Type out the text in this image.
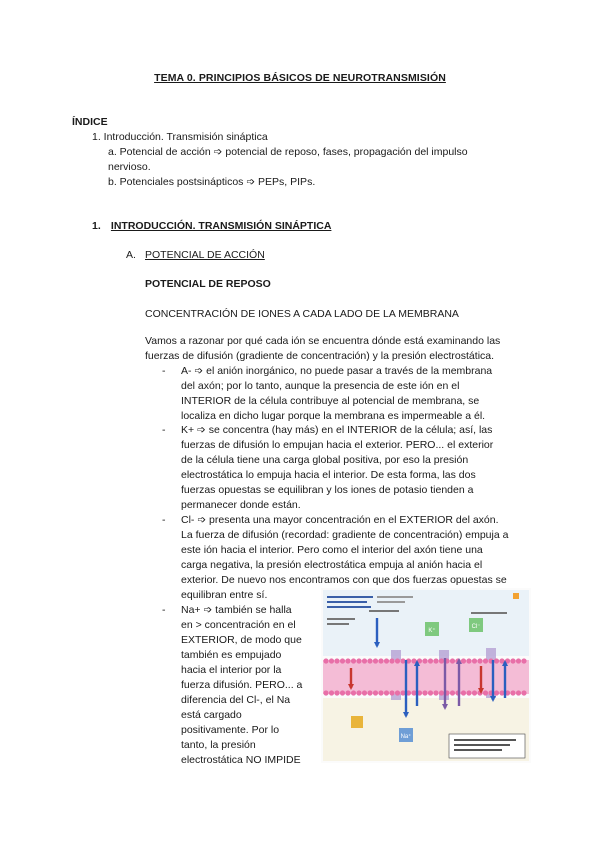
TEMA 0. PRINCIPIOS BÁSICOS DE NEUROTRANSMISIÓN

ÍNDICE

1. Introducción. Transmisión sináptica

a. Potencial de acción ➩ potencial de reposo, fases, propagación del impulso

nervioso.

b. Potenciales postsinápticos ➩ PEPs, PIPs.

1. INTRODUCCIÓN. TRANSMISIÓN SINÁPTICA

A. POTENCIAL DE ACCIÓN

POTENCIAL DE REPOSO

CONCENTRACIÓN DE IONES A CADA LADO DE LA MEMBRANA

Vamos a razonar por qué cada ión se encuentra dónde está examinando las

fuerzas de difusión (gradiente de concentración) y la presión electrostática.

- A- ➩ el anión inorgánico, no puede pasar a través de la membrana

del axón; por lo tanto, aunque la presencia de este ión en el

INTERIOR de la célula contribuye al potencial de membrana, se

localiza en dicho lugar porque la membrana es impermeable a él.

- K+ ➩ se concentra (hay más) en el INTERIOR de la célula; así, las

fuerzas de difusión lo empujan hacia el exterior. PERO... el exterior

de la célula tiene una carga global positiva, por eso la presión

electrostática lo empuja hacia el interior. De esta forma, las dos

fuerzas opuestas se equilibran y los iones de potasio tienden a

permanecer donde están.

- Cl- ➩ presenta una mayor concentración en el EXTERIOR del axón.

La fuerza de difusión (recordad: gradiente de concentración) empuja a

este ión hacia el interior. Pero como el interior del axón tiene una

carga negativa, la presión electrostática empuja al anión hacia el

exterior. De nuevo nos encontramos con que dos fuerzas opuestas se

equilibran entre sí.

- Na+ ➩ también se halla

en > concentración en el

EXTERIOR, de modo que

también es empujado

hacia el interior por la

fuerza difusión. PERO... a

diferencia del Cl-, el Na

está cargado

positivamente. Por lo

tanto, la presión

electrostática NO IMPIDE

K⁺
Cl⁻
Na⁺
